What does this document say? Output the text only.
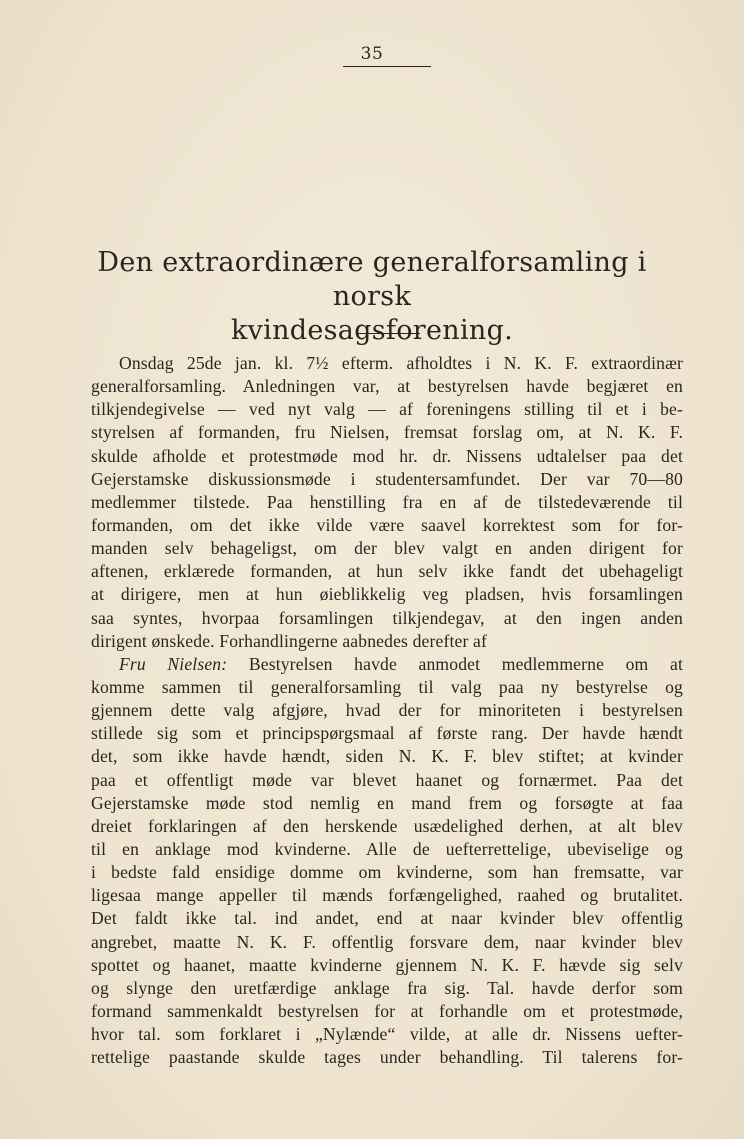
35
Den extraordinære generalforsamling i norsk
kvindesagsforening.
Onsdag 25de jan. kl. 7½ efterm. afholdtes i N. K. F. extraordinær
generalforsamling. Anledningen var, at bestyrelsen havde begjæret en
tilkjendegivelse — ved nyt valg — af foreningens stilling til et i be-
styrelsen af formanden, fru Nielsen, fremsat forslag om, at N. K. F.
skulde afholde et protestmøde mod hr. dr. Nissens udtalelser paa det
Gejerstamske diskussionsmøde i studentersamfundet. Der var 70—80
medlemmer tilstede. Paa henstilling fra en af de tilstedeværende til
formanden, om det ikke vilde være saavel korrektest som for for-
manden selv behageligst, om der blev valgt en anden dirigent for
aftenen, erklærede formanden, at hun selv ikke fandt det ubehageligt
at dirigere, men at hun øieblikkelig veg pladsen, hvis forsamlingen
saa syntes, hvorpaa forsamlingen tilkjendegav, at den ingen anden
dirigent ønskede. Forhandlingerne aabnedes derefter af
Fru Nielsen: Bestyrelsen havde anmodet medlemmerne om at
komme sammen til generalforsamling til valg paa ny bestyrelse og
gjennem dette valg afgjøre, hvad der for minoriteten i bestyrelsen
stillede sig som et principspørgsmaal af første rang. Der havde hændt
det, som ikke havde hændt, siden N. K. F. blev stiftet; at kvinder
paa et offentligt møde var blevet haanet og fornærmet. Paa det
Gejerstamske møde stod nemlig en mand frem og forsøgte at faa
dreiet forklaringen af den herskende usædelighed derhen, at alt blev
til en anklage mod kvinderne. Alle de uefterrettelige, ubeviselige og
i bedste fald ensidige domme om kvinderne, som han fremsatte, var
ligesaa mange appeller til mænds forfængelighed, raahed og brutalitet.
Det faldt ikke tal. ind andet, end at naar kvinder blev offentlig
angrebet, maatte N. K. F. offentlig forsvare dem, naar kvinder blev
spottet og haanet, maatte kvinderne gjennem N. K. F. hævde sig selv
og slynge den uretfærdige anklage fra sig. Tal. havde derfor som
formand sammenkaldt bestyrelsen for at forhandle om et protestmøde,
hvor tal. som forklaret i „Nylænde“ vilde, at alle dr. Nissens uefter-
rettelige paastande skulde tages under behandling. Til talerens for-
